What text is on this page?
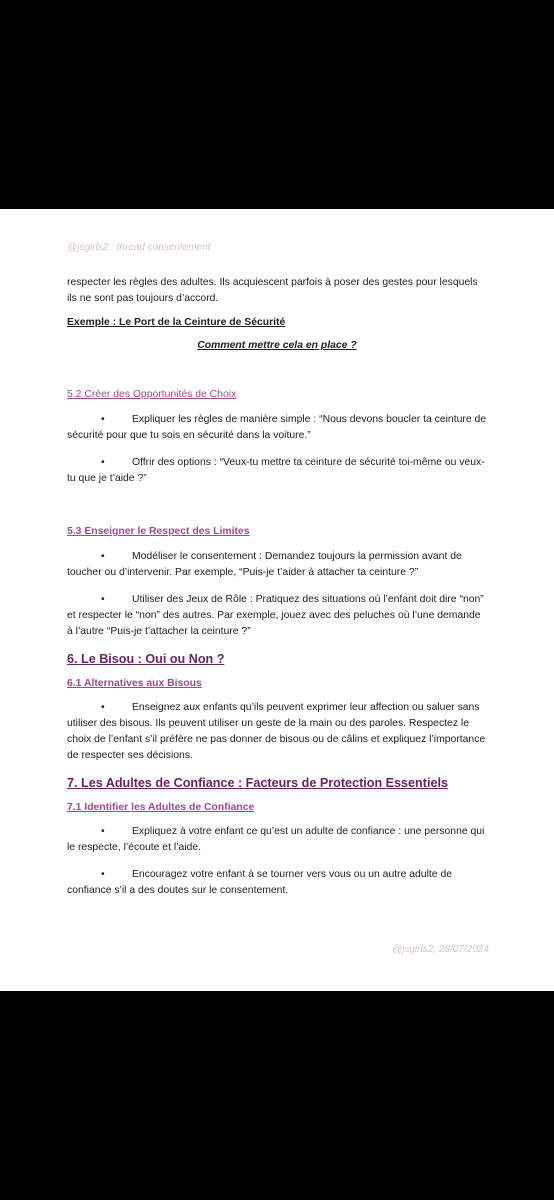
@jsgirls2 : thread consentement

respecter les règles des adultes. Ils acquiescent parfois à poser des gestes pour lesquels ils ne sont pas toujours d’accord.

Exemple : Le Port de la Ceinture de Sécurité

Comment mettre cela en place ?

5.2 Créer des Opportunités de Choix

•	Expliquer les règles de manière simple : “Nous devons boucler ta ceinture de sécurité pour que tu sois en sécurité dans la voiture.”

•	Offrir des options : “Veux-tu mettre ta ceinture de sécurité toi-même ou veux-tu que je t’aide ?”

5.3 Enseigner le Respect des Limites

•	Modéliser le consentement : Demandez toujours la permission avant de toucher ou d’intervenir. Par exemple, “Puis-je t’aider à attacher ta ceinture ?”

•	Utiliser des Jeux de Rôle : Pratiquez des situations où l’enfant doit dire “non” et respecter le “non” des autres. Par exemple, jouez avec des peluches où l’une demande à l’autre “Puis-je t’attacher la ceinture ?”

6. Le Bisou : Oui ou Non ?

6.1 Alternatives aux Bisous

•	Enseignez aux enfants qu’ils peuvent exprimer leur affection ou saluer sans utiliser des bisous. Ils peuvent utiliser un geste de la main ou des paroles. Respectez le choix de l’enfant s’il préfère ne pas donner de bisous ou de câlins et expliquez l’importance de respecter ses décisions.

7. Les Adultes de Confiance : Facteurs de Protection Essentiels

7.1 Identifier les Adultes de Confiance

•	Expliquez à votre enfant ce qu’est un adulte de confiance : une personne qui le respecte, l’écoute et l’aide.

•	Encouragez votre enfant à se tourner vers vous ou un autre adulte de confiance s’il a des doutes sur le consentement.

@jsgirls2, 28/07/2024
